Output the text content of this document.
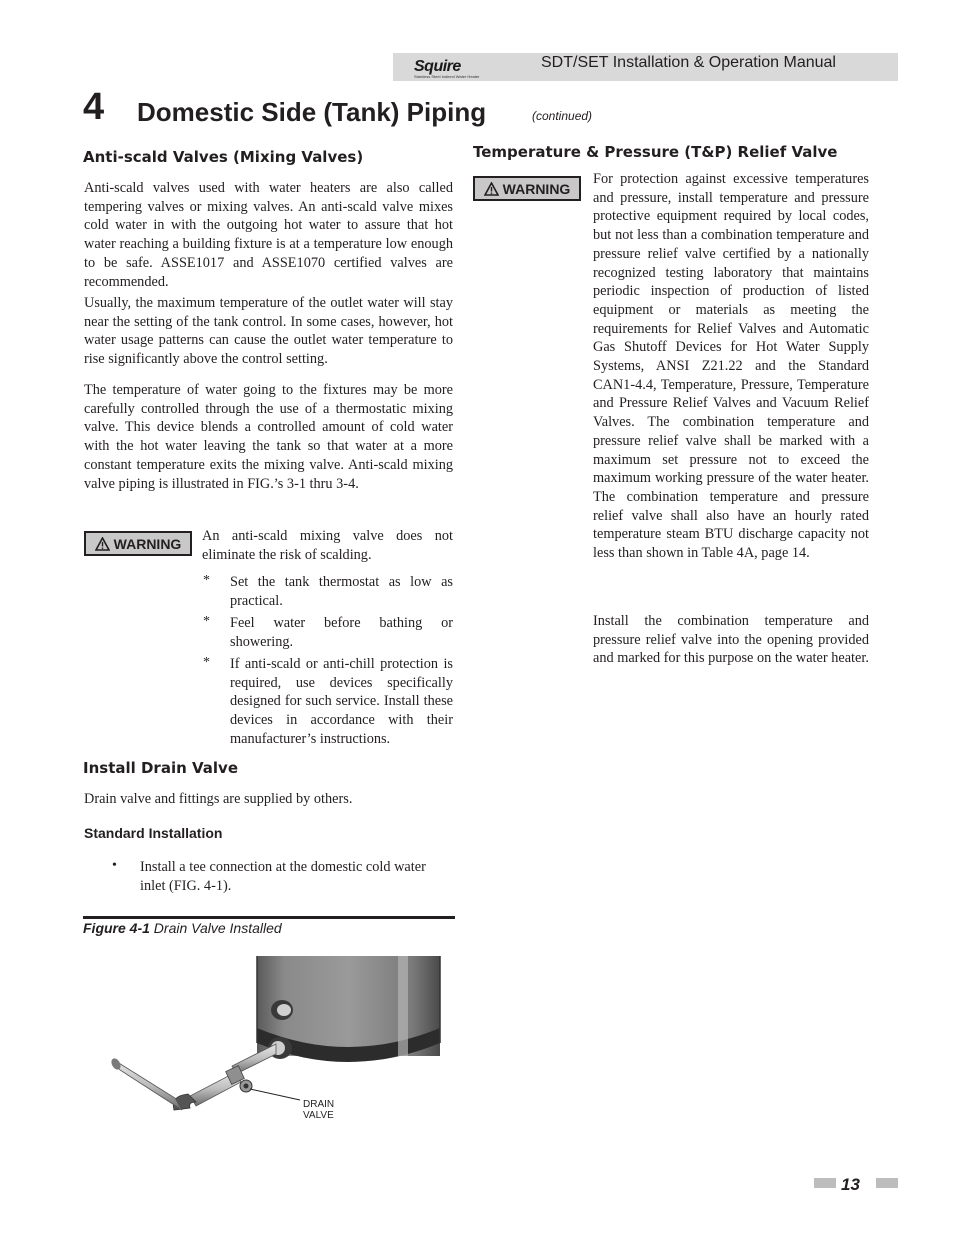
Squire
Stainless Steel Indirect Water Heater
SDT/SET Installation & Operation Manual
4 Domestic Side (Tank) Piping	(continued)
Anti-scald Valves (Mixing Valves)

Anti-scald valves used with water heaters are also called tempering valves or mixing valves. An anti-scald valve mixes cold water in with the outgoing hot water to assure that hot water reaching a building fixture is at a temperature low enough to be safe. ASSE1017 and ASSE1070 certified valves are recommended.

Usually, the maximum temperature of the outlet water will stay near the setting of the tank control. In some cases, however, hot water usage patterns can cause the outlet water temperature to rise significantly above the control setting.

The temperature of water going to the fixtures may be more carefully controlled through the use of a thermostatic mixing valve. This device blends a controlled amount of cold water with the hot water leaving the tank so that water at a more constant temperature exits the mixing valve. Anti-scald mixing valve piping is illustrated in FIG.’s 3-1 thru 3-4.

WARNING An anti-scald mixing valve does not eliminate the risk of scalding.

*	Set the tank thermostat as low as practical.
*	Feel water before bathing or showering.
*	If anti-scald or anti-chill protection is required, use devices specifically designed for such service. Install these devices in accordance with their manufacturer’s instructions.
Install Drain Valve

Drain valve and fittings are supplied by others.

Standard Installation
•	Install a tee connection at the domestic cold water inlet (FIG. 4-1).
Figure 4-1 Drain Valve Installed
DRAIN
VALVE
Temperature & Pressure (T&P) Relief Valve
WARNING

For protection against excessive temperatures and pressure, install temperature and pressure protective equipment required by local codes, but not less than a combination temperature and pressure relief valve certified by a nationally recognized testing laboratory that maintains periodic inspection of production of listed equipment or materials as meeting the requirements for Relief Valves and Automatic Gas Shutoff Devices for Hot Water Supply Systems, ANSI Z21.22 and the Standard CAN1-4.4, Temperature, Pressure, Temperature and Pressure Relief Valves and Vacuum Relief Valves. The combination temperature and pressure relief valve shall be marked with a maximum set pressure not to exceed the maximum working pressure of the water heater. The combination temperature and pressure relief valve shall also have an hourly rated temperature steam BTU discharge capacity not less than shown in Table 4A, page 14.

Install the combination temperature and pressure relief valve into the opening provided and marked for this purpose on the water heater.

13
